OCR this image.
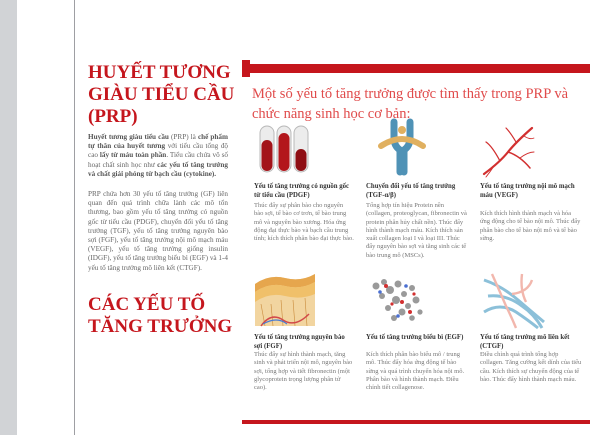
HUYẾT TƯƠNG
GIÀU TIỂU CẦU
(PRP)

Một số yếu tố tăng trưởng được tìm thấy trong PRP và chức năng sinh học cơ bản:

Huyết tương giàu tiểu cầu (PRP) là chế phẩm tự thân của huyết tương với tiểu cầu tổng độ cao lấy từ máu toàn phần. Tiểu cầu chứa vô số hoạt chất sinh học như các yếu tố tăng trưởng và chất giải phóng từ bạch cầu (cytokine).

PRP chứa hơn 30 yếu tố tăng trưởng (GF) liên quan đến quá trình chữa lành các mô tổn thương, bao gồm yếu tố tăng trưởng có nguồn gốc từ tiểu cầu (PDGF), chuyển đổi yếu tố tăng trưởng (TGF), yếu tố tăng trưởng nguyên bào sợi (FGF), yếu tố tăng trưởng nội mô mạch máu (VEGF), yếu tố tăng trưởng giống insulin (IDGF), yếu tố tăng trưởng biểu bì (EGF) và 1-4 yếu tố tăng trưởng mô liên kết (CTGF).

CÁC YẾU TỐ
TĂNG TRƯỞNG

Yếu tố tăng trưởng có nguồn gốc từ tiểu cầu (PDGF)

Thúc đẩy sự phân bào cho nguyên bào sợi, tế bào cơ trơn, tế bào trung mô và nguyên bào xương. Hóa ứng động đại thực bào và bạch cầu trung tính; kích thích phân bào đại thực bào.

Chuyển đổi yếu tố tăng trưởng (TGF-α/β)

Tổng hợp tín hiệu Protein nền (collagen, proteoglycan, fibronectin và protein phân hủy chất nền). Thúc đẩy hình thành mạch máu. Kích thích sản xuất collagen loại I và loại III. Thúc đẩy nguyên bào sợi và tăng sinh các tế bào trung mô (MSCs).

Yếu tố tăng trưởng nội mô mạch máu (VEGF)

Kích thích hình thành mạch và hóa ứng động cho tế bào nội mô. Thúc đẩy phân bào cho tế bào nội mô và tế bào sừng.

Yếu tố tăng trưởng nguyên bào sợi (FGF)

Thúc đẩy sự hình thành mạch, tăng sinh và phát triển nội mô, nguyên bào sợi, tổng hợp và tiết fibronectin (một glycoprotein trọng lượng phân tử cao).

Yếu tố tăng trưởng biểu bì (EGF)

Kích thích phân bào biểu mô / trung mô. Thúc đẩy hóa ứng động tế bào sừng và quá trình chuyển hóa nội mô. Phân bào và hình thành mạch. Điều chỉnh tiết collagenose.

Yếu tố tăng trưởng mô liên kết (CTGF)

Điều chỉnh quá trình tổng hợp collagen. Tăng cường kết dính của tiểu cầu. Kích thích sự chuyển động của tế bào. Thúc đẩy hình thành mạch máu.
